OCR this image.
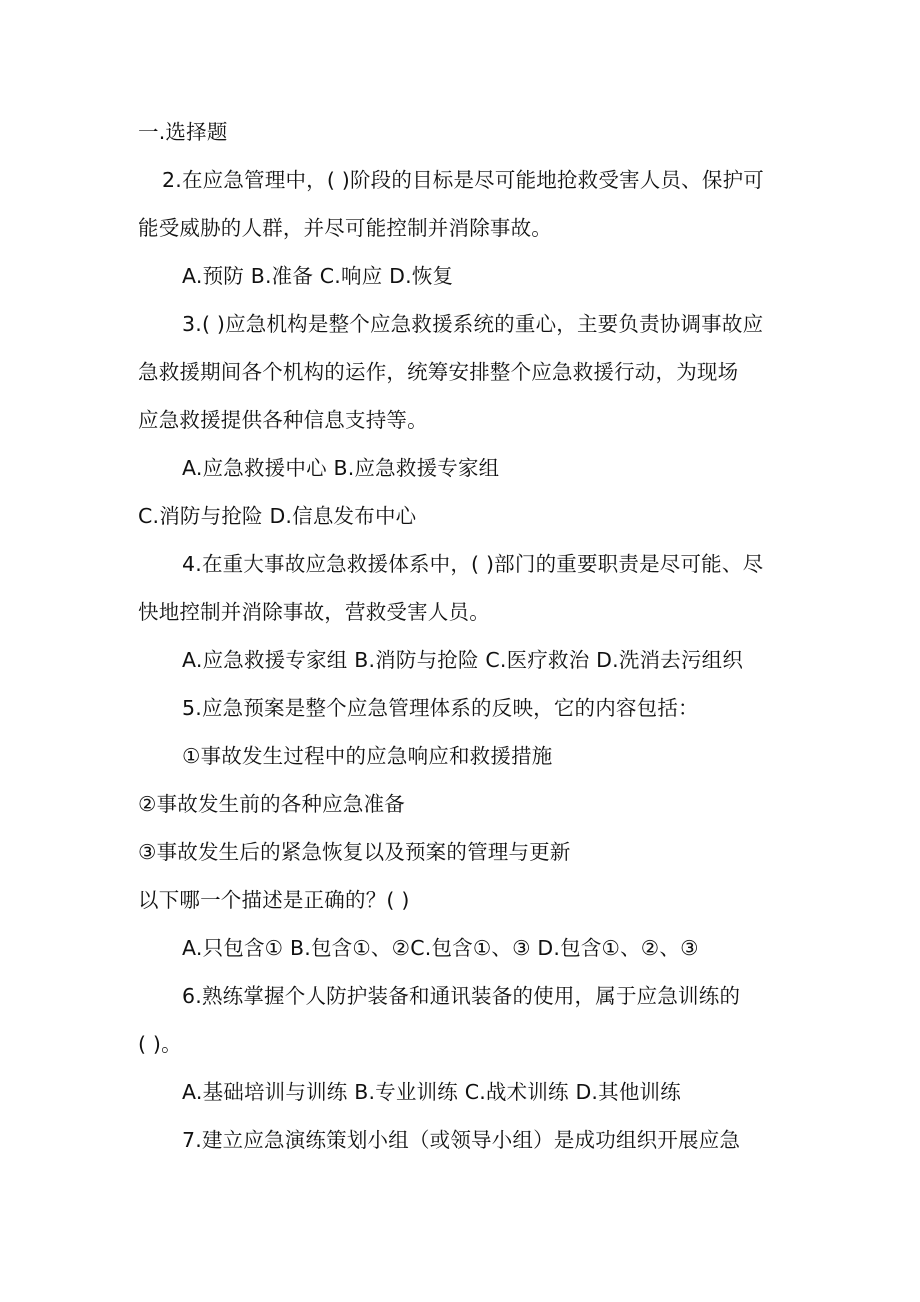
一.选择题
2.在应急管理中，( )阶段的目标是尽可能地抢救受害人员、保护可
能受威胁的人群，并尽可能控制并消除事故。
A.预防 B.准备 C.响应 D.恢复
3.( )应急机构是整个应急救援系统的重心，主要负责协调事故应
急救援期间各个机构的运作，统筹安排整个应急救援行动，为现场
应急救援提供各种信息支持等。
A.应急救援中心 B.应急救援专家组
C.消防与抢险 D.信息发布中心
4.在重大事故应急救援体系中，( )部门的重要职责是尽可能、尽
快地控制并消除事故，营救受害人员。
A.应急救援专家组 B.消防与抢险 C.医疗救治 D.洗消去污组织
5.应急预案是整个应急管理体系的反映，它的内容包括：
①事故发生过程中的应急响应和救援措施
②事故发生前的各种应急准备
③事故发生后的紧急恢复以及预案的管理与更新
以下哪一个描述是正确的？( )
A.只包含① B.包含①、②C.包含①、③ D.包含①、②、③
6.熟练掌握个人防护装备和通讯装备的使用，属于应急训练的
( )。
A.基础培训与训练 B.专业训练 C.战术训练 D.其他训练
7.建立应急演练策划小组（或领导小组）是成功组织开展应急
